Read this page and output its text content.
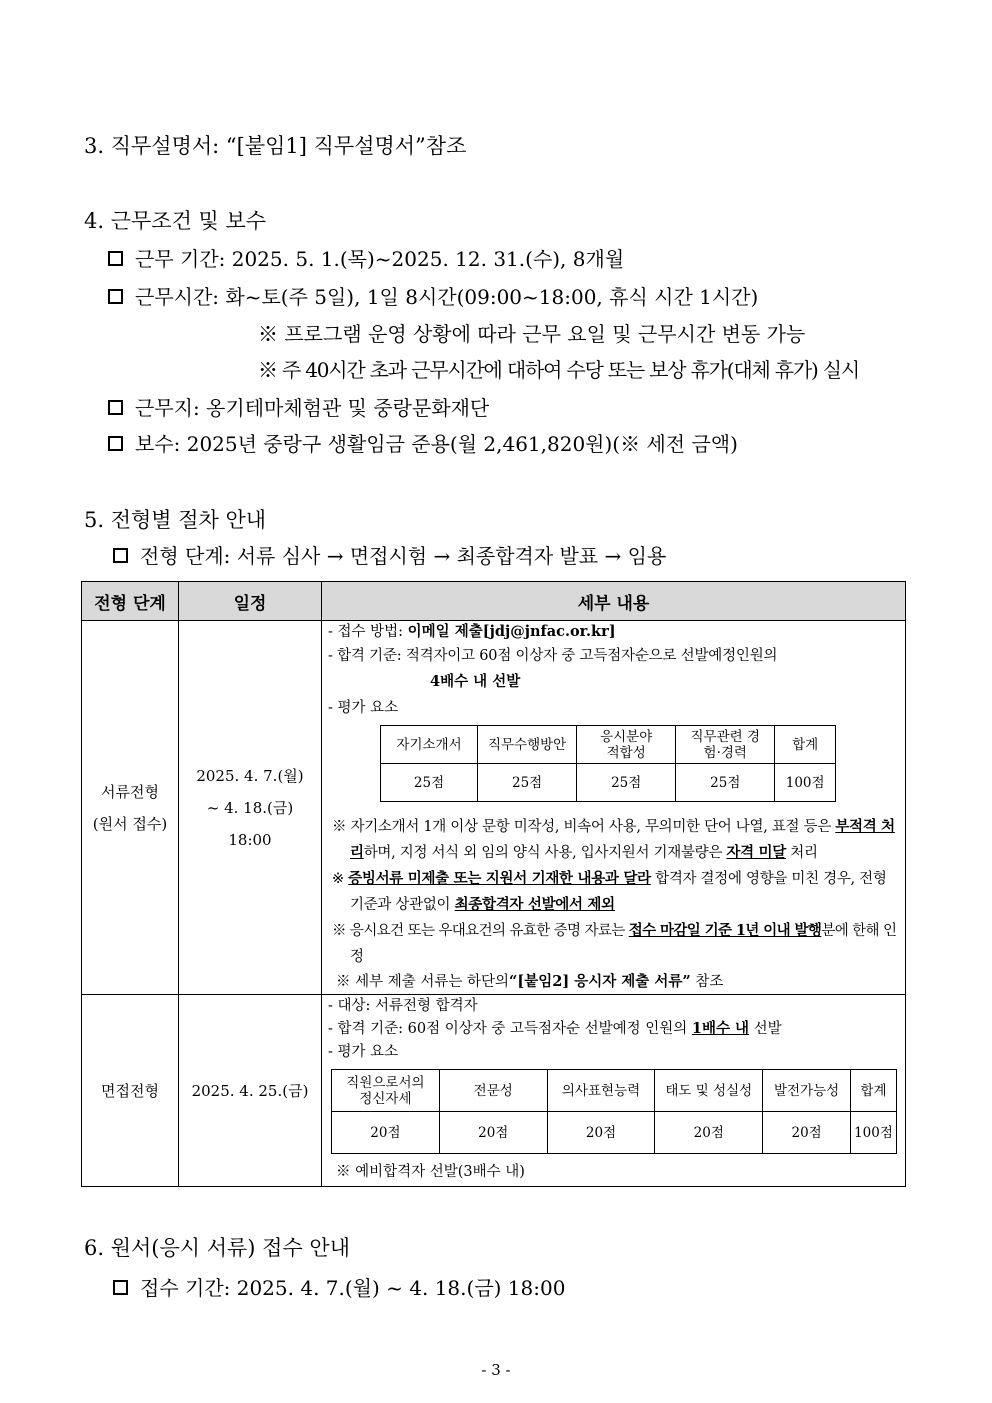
3. 직무설명서: “[붙임1] 직무설명서”참조
4. 근무조건 및 보수
근무 기간: 2025. 5. 1.(목)~2025. 12. 31.(수), 8개월
근무시간: 화~토(주 5일), 1일 8시간(09:00~18:00, 휴식 시간 1시간)
※ 프로그램 운영 상황에 따라 근무 요일 및 근무시간 변동 가능
※ 주 40시간 초과 근무시간에 대하여 수당 또는 보상 휴가(대체 휴가) 실시
근무지: 옹기테마체험관 및 중랑문화재단
보수: 2025년 중랑구 생활임금 준용(월 2,461,820원)(※ 세전 금액)
5. 전형별 절차 안내
전형 단계: 서류 심사 → 면접시험 → 최종합격자 발표 → 임용
전형 단계	일정	세부 내용

서류전형
(원서 접수)

2025. 4. 7.(월)
~ 4. 18.(금)
18:00

- 접수 방법: 이메일 제출[jdj@jnfac.or.kr]
- 합격 기준: 적격자이고 60점 이상자 중 고득점자순으로 선발예정인원의
4배수 내 선발
- 평가 요소
자기소개서	직무수행방안	응시분야 적합성	직무관련 경험·경력	합계
25점	25점	25점	25점	100점
※ 자기소개서 1개 이상 문항 미작성, 비속어 사용, 무의미한 단어 나열, 표절 등은 부적격 처리하며, 지정 서식 외 임의 양식 사용, 입사지원서 기재불량은 자격 미달 처리
※ 증빙서류 미제출 또는 지원서 기재한 내용과 달라 합격자 결정에 영향을 미친 경우, 전형 기준과 상관없이 최종합격자 선발에서 제외
※ 응시요건 또는 우대요건의 유효한 증명 자료는 접수 마감일 기준 1년 이내 발행분에 한해 인정
※ 세부 제출 서류는 하단의“[붙임2] 응시자 제출 서류” 참조

면접전형	2025. 4. 25.(금)

- 대상: 서류전형 합격자
- 합격 기준: 60점 이상자 중 고득점자순 선발예정 인원의 1배수 내 선발
- 평가 요소
직원으로서의 정신자세	전문성	의사표현능력	태도 및 성실성	발전가능성	합계
20점	20점	20점	20점	20점	100점
※ 예비합격자 선발(3배수 내)
6. 원서(응시 서류) 접수 안내
접수 기간: 2025. 4. 7.(월) ~ 4. 18.(금) 18:00
- 3 -
